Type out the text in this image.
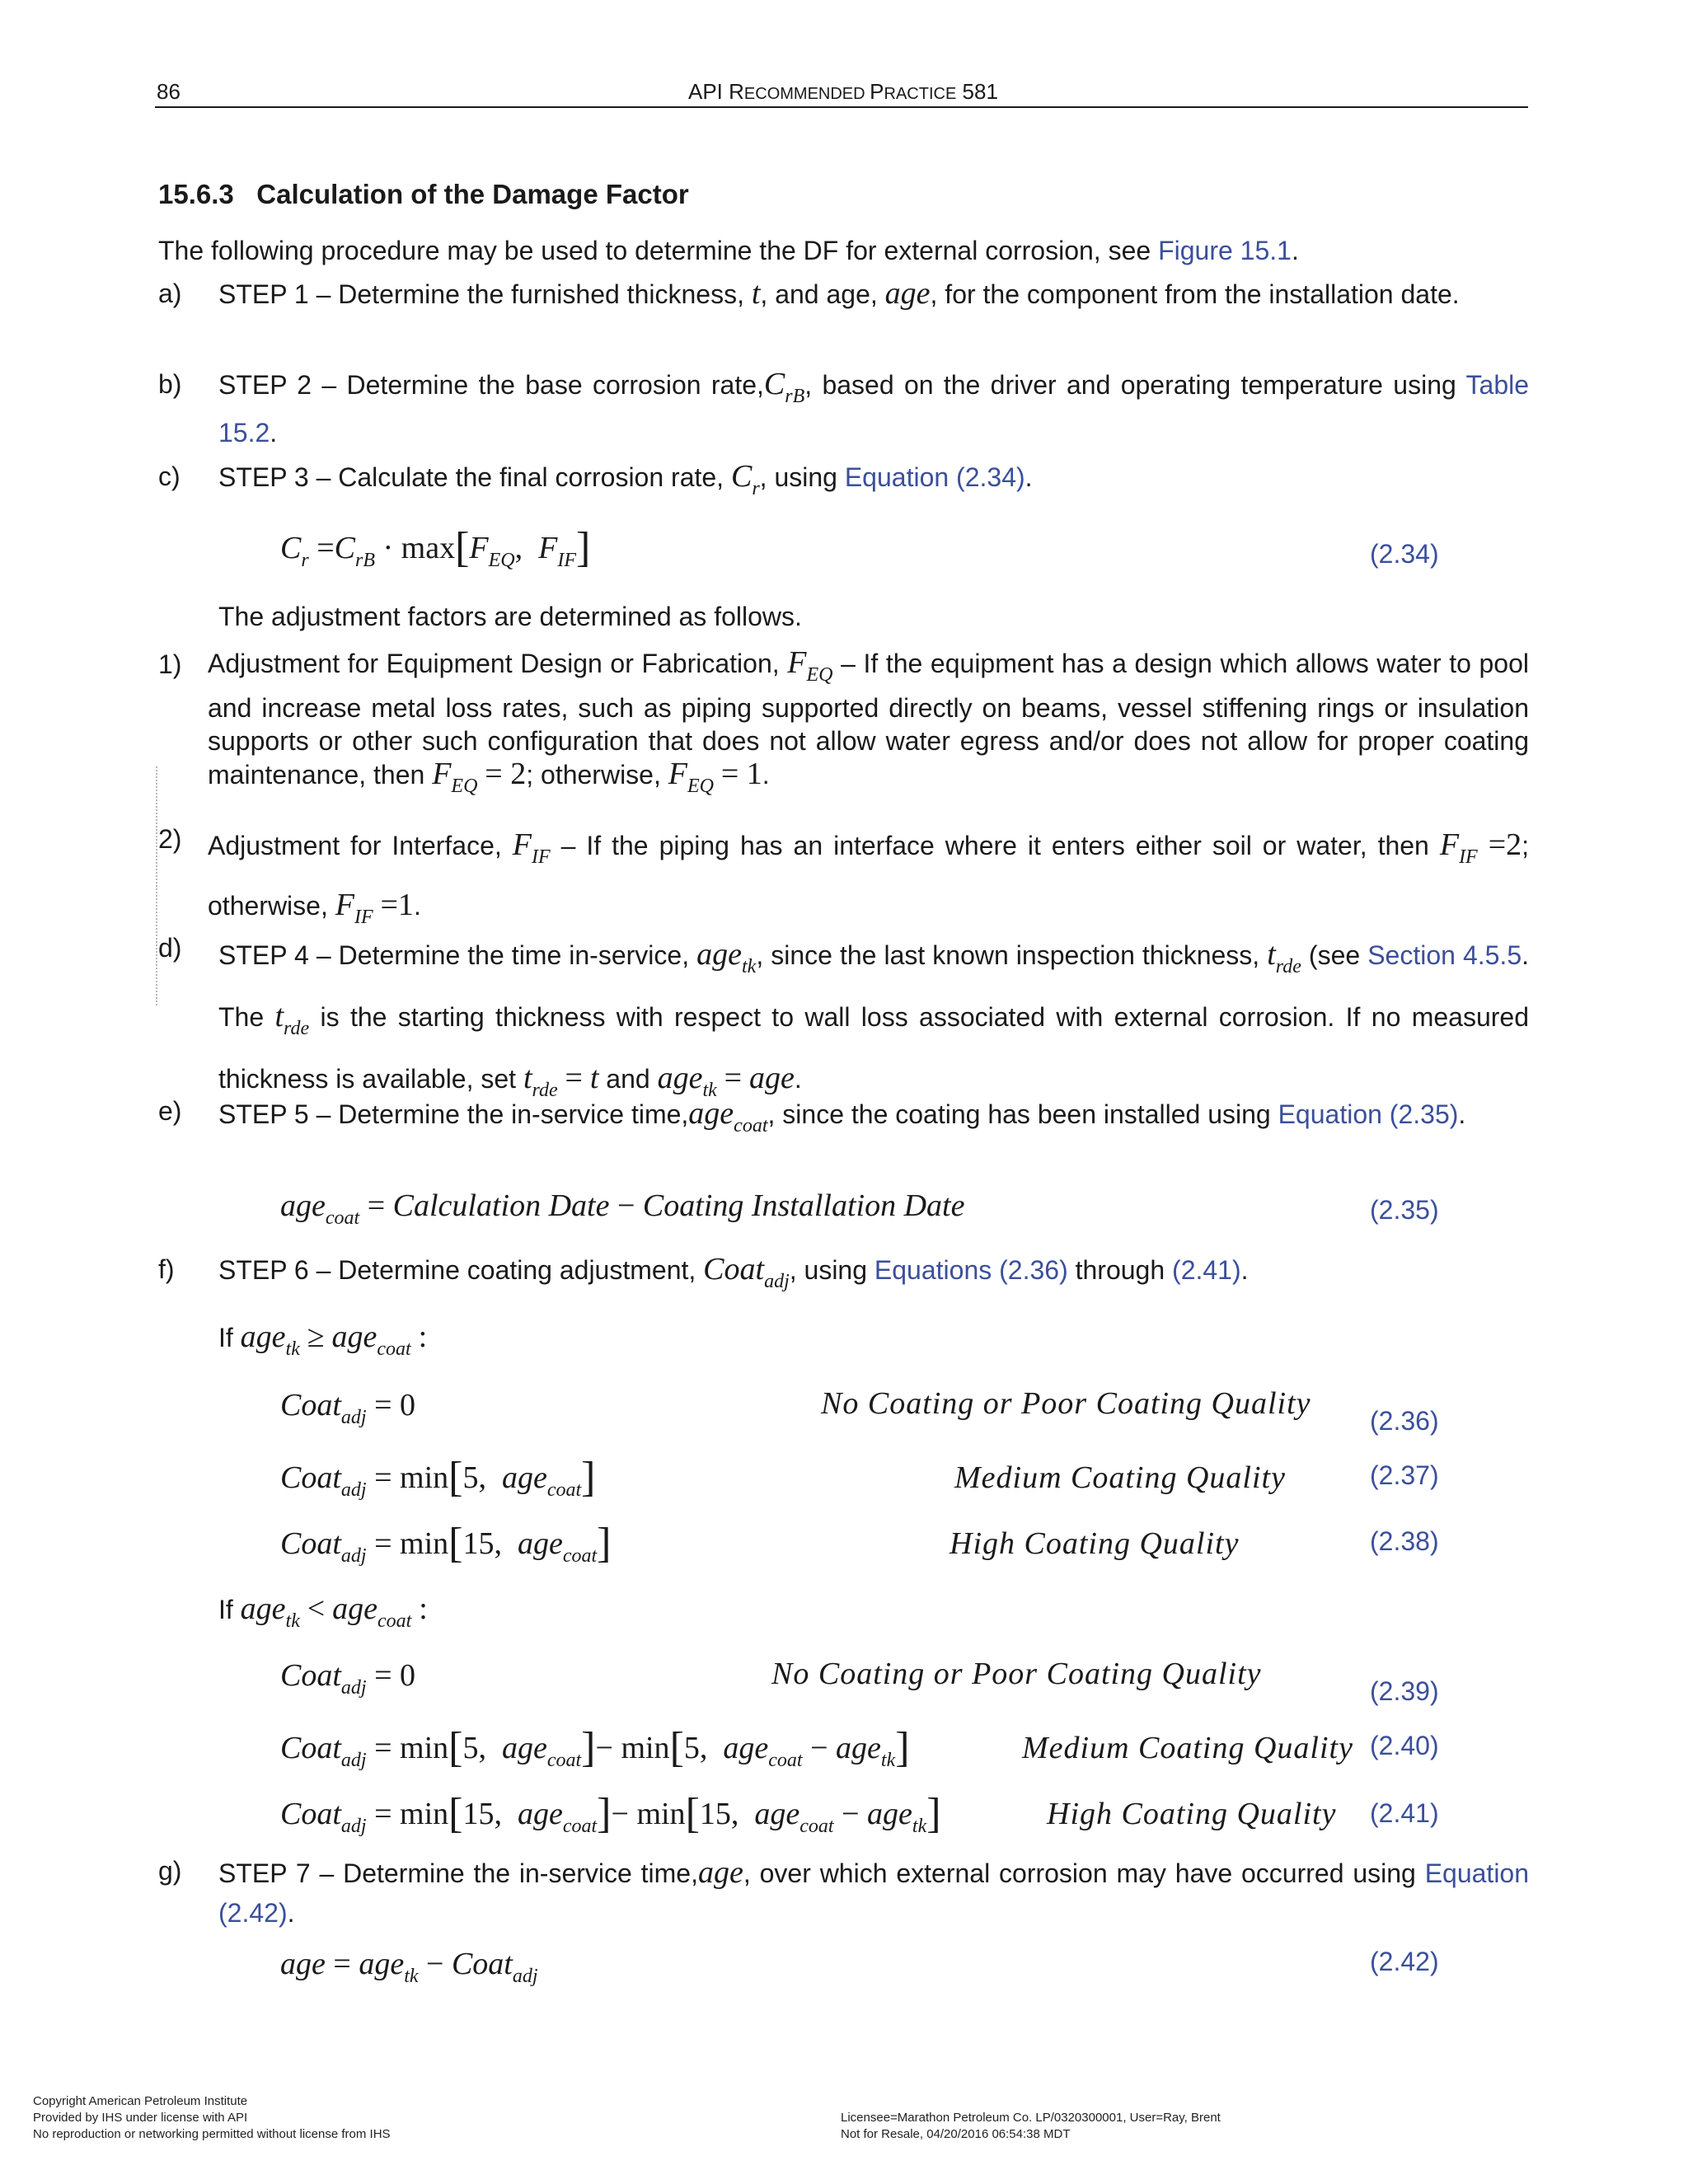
86	API RECOMMENDED PRACTICE 581
15.6.3 Calculation of the Damage Factor
The following procedure may be used to determine the DF for external corrosion, see Figure 15.1.
a) STEP 1 – Determine the furnished thickness, t, and age, age, for the component from the installation date.
b) STEP 2 – Determine the base corrosion $rate,C_{rB}$, based on the driver and operating temperature using Table 15.2.
c) STEP 3 – Calculate the final corrosion rate, $C_r$, using Equation (2.34).
$C_r =C_{rB} \cdot \max[F_{EQ}$, $F_{IF}$]	(2.34)
The adjustment factors are determined as follows.
1) Adjustment for Equipment Design or Fabrication, $F_{EQ}$ – If the equipment has a design which allows water to pool and increase metal loss rates, such as piping supported directly on beams, vessel stiffening rings or insulation supports or other such configuration that does not allow water egress and/or does not allow for proper coating maintenance, then $F_{EQ} = 2$; otherwise, $F_{EQ} = 1$.
2) Adjustment for Interface, $F_{IF}$ – If the piping has an interface where it enters either soil or water, then $F_{IF} =2$; otherwise, $F_{IF} =1$.
d) STEP 4 – Determine the time in-service, age$_{tk}$, since the last known inspection thickness, $t_{rde}$ (see Section 4.5.5. The $t_{rde}$ is the starting thickness with respect to wall loss associated with external corrosion. If no measured thickness is available, set $t_{rde} = t$ and age$_{tk}$ = age.
e) STEP 5 – Determine the in-service time,age$_{coat}$, since the coating has been installed using Equation (2.35).
age$_{coat}$ = Calculation Date − Coating Installation Date	(2.35)
f) STEP 6 – Determine coating adjustment, Coat$_{adj}$, using Equations (2.36) through (2.41).
If age$_{tk}$ ≥ age$_{coat}$ :
Coat$_{adj}$ = 0	No Coating or Poor Coating Quality (2.36)
Coat$_{adj}$ = min[5, age$_{coat}$]	Medium Coating Quality	(2.37)
Coat$_{adj}$ = min[15, age$_{coat}$]	High Coating Quality	(2.38)
If age$_{tk}$ < age$_{coat}$ :
Coat$_{adj}$ = 0	No Coating or Poor Coating Quality	(2.39)
Coat$_{adj}$ = min[5, age$_{coat}$]− min[5, age$_{coat}$ − age$_{tk}$]	Medium Coating Quality (2.40)
Coat$_{adj}$ = min[15, age$_{coat}$]− min[15, age$_{coat}$ − age$_{tk}$]	High Coating Quality (2.41)
g) STEP 7 – Determine the in-service time,age, over which external corrosion may have occurred using Equation (2.42).
age = age$_{tk}$ − Coat$_{adj}$	(2.42)
Copyright American Petroleum Institute
Provided by IHS under license with API
No reproduction or networking permitted without license from IHS
Licensee=Marathon Petroleum Co. LP/0320300001, User=Ray, Brent
Not for Resale, 04/20/2016 06:54:38 MDT
